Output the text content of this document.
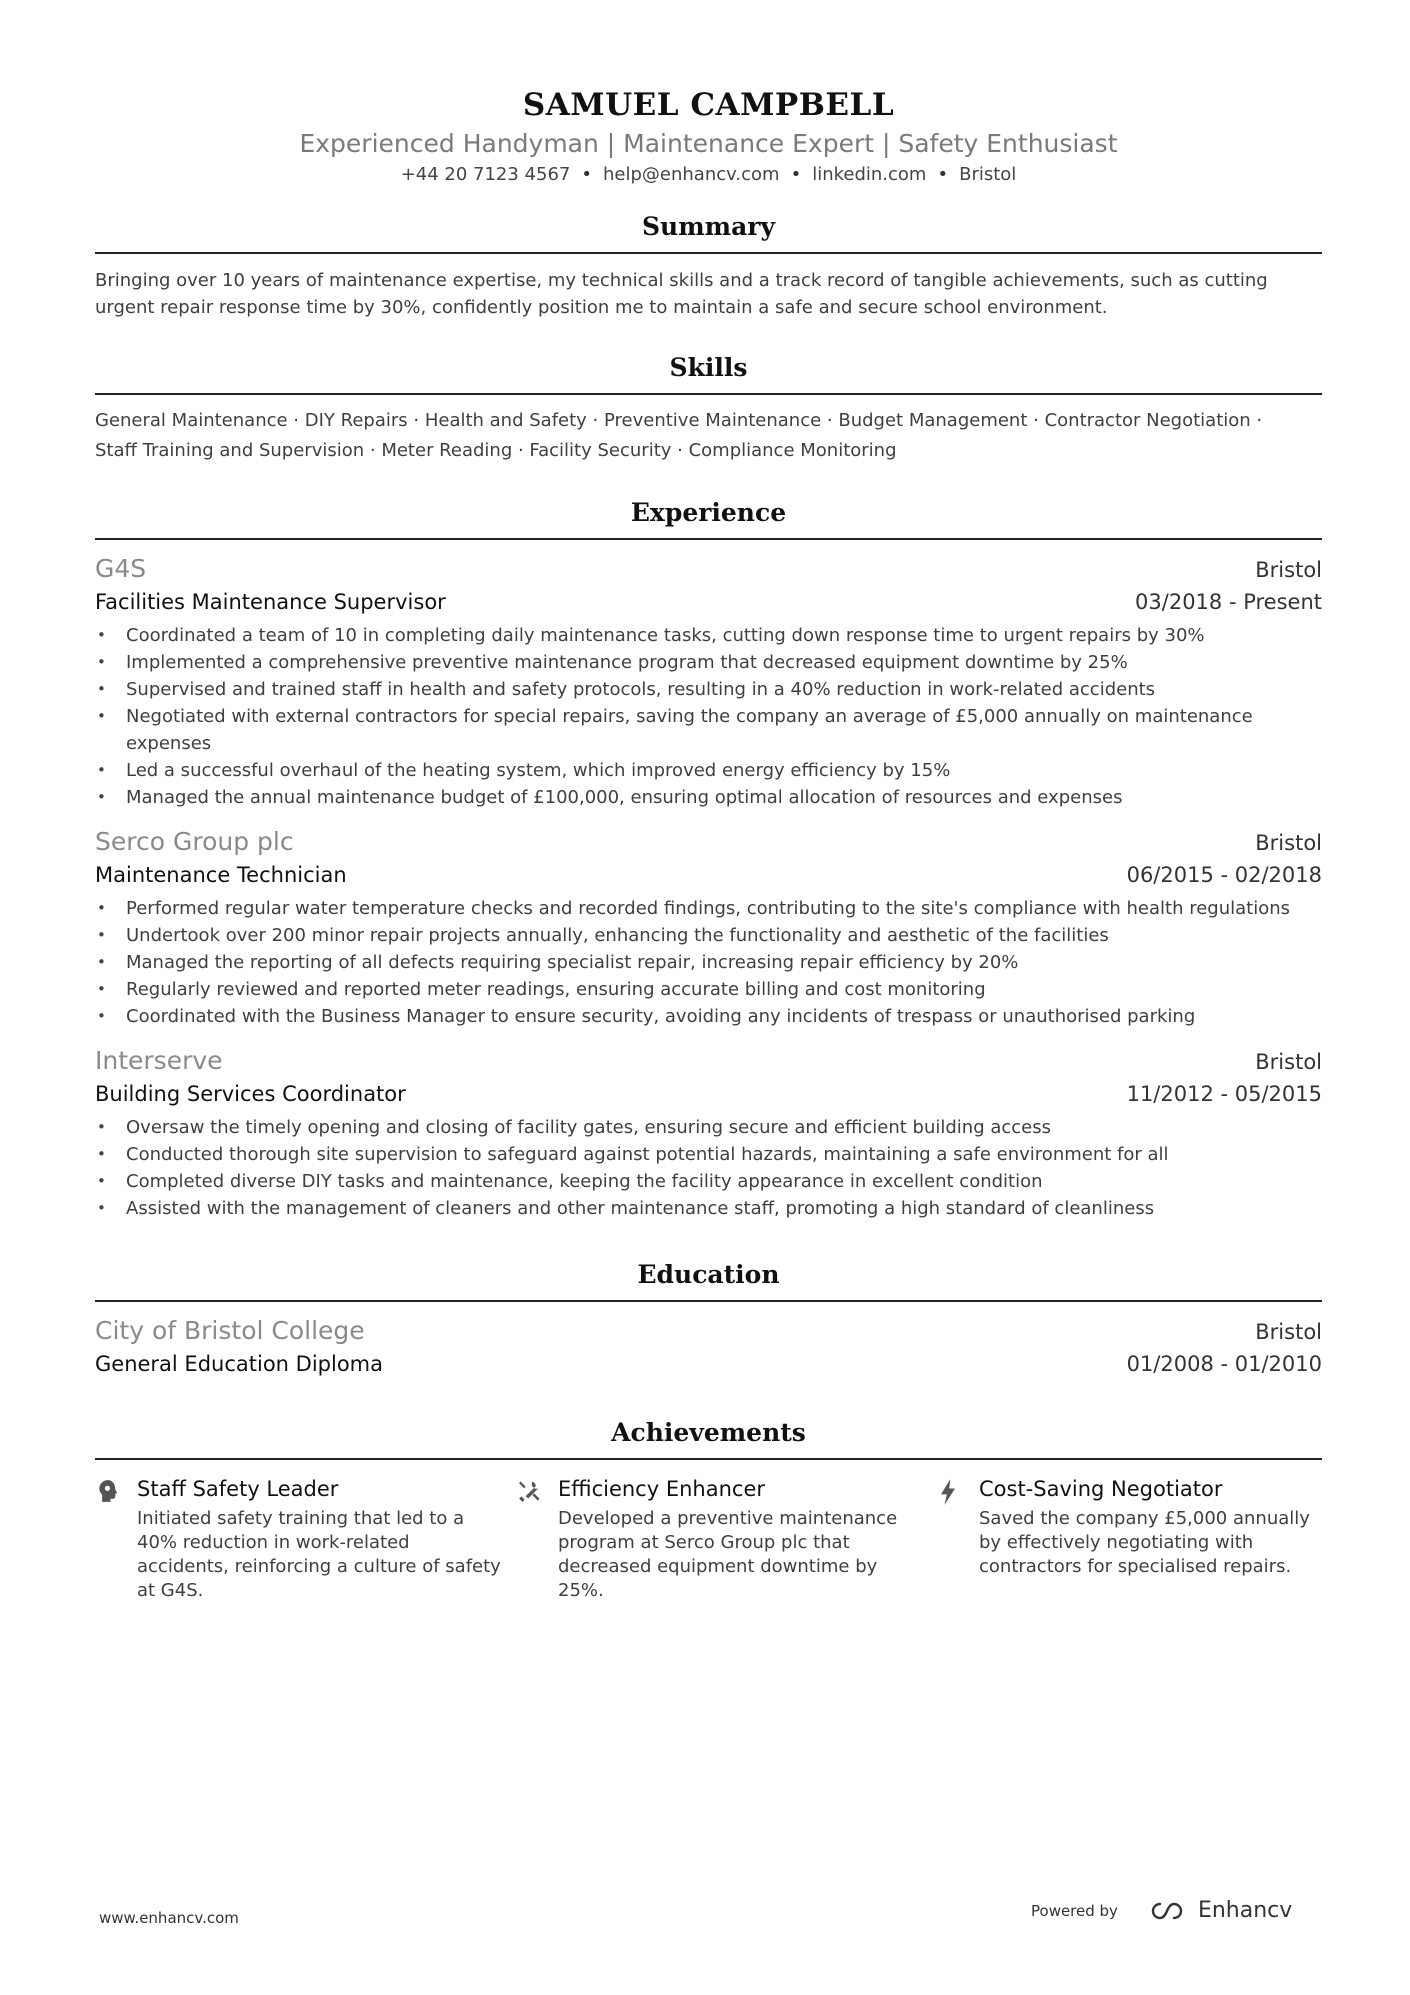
SAMUEL CAMPBELL
Experienced Handyman | Maintenance Expert | Safety Enthusiast
+44 20 7123 4567 • help@enhancv.com • linkedin.com • Bristol
Summary
Bringing over 10 years of maintenance expertise, my technical skills and a track record of tangible achievements, such as cutting urgent repair response time by 30%, confidently position me to maintain a safe and secure school environment.
Skills
General Maintenance · DIY Repairs · Health and Safety · Preventive Maintenance · Budget Management · Contractor Negotiation ·
Staff Training and Supervision · Meter Reading · Facility Security · Compliance Monitoring
Experience
G4S	Bristol
Facilities Maintenance Supervisor	03/2018 - Present
• Coordinated a team of 10 in completing daily maintenance tasks, cutting down response time to urgent repairs by 30%
• Implemented a comprehensive preventive maintenance program that decreased equipment downtime by 25%
• Supervised and trained staff in health and safety protocols, resulting in a 40% reduction in work-related accidents
• Negotiated with external contractors for special repairs, saving the company an average of £5,000 annually on maintenance expenses
• Led a successful overhaul of the heating system, which improved energy efficiency by 15%
• Managed the annual maintenance budget of £100,000, ensuring optimal allocation of resources and expenses
Serco Group plc	Bristol
Maintenance Technician	06/2015 - 02/2018
• Performed regular water temperature checks and recorded findings, contributing to the site's compliance with health regulations
• Undertook over 200 minor repair projects annually, enhancing the functionality and aesthetic of the facilities
• Managed the reporting of all defects requiring specialist repair, increasing repair efficiency by 20%
• Regularly reviewed and reported meter readings, ensuring accurate billing and cost monitoring
• Coordinated with the Business Manager to ensure security, avoiding any incidents of trespass or unauthorised parking
Interserve	Bristol
Building Services Coordinator	11/2012 - 05/2015
• Oversaw the timely opening and closing of facility gates, ensuring secure and efficient building access
• Conducted thorough site supervision to safeguard against potential hazards, maintaining a safe environment for all
• Completed diverse DIY tasks and maintenance, keeping the facility appearance in excellent condition
• Assisted with the management of cleaners and other maintenance staff, promoting a high standard of cleanliness
Education
City of Bristol College	Bristol
General Education Diploma	01/2008 - 01/2010
Achievements
Staff Safety Leader
Initiated safety training that led to a 40% reduction in work-related accidents, reinforcing a culture of safety at G4S.
Efficiency Enhancer
Developed a preventive maintenance program at Serco Group plc that decreased equipment downtime by 25%.
Cost-Saving Negotiator
Saved the company £5,000 annually by effectively negotiating with contractors for specialised repairs.
www.enhancv.com	Powered by	Enhancv
